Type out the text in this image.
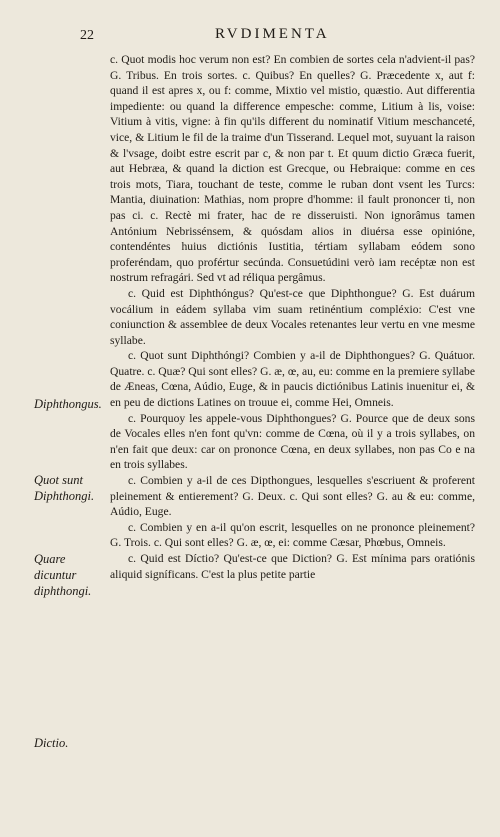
22	RVDIMENTA
Diphthongus.
Quot sunt Diphthongi.
Quare dicuntur diphthongi.
Dictio.

c. Quot modis hoc verum non est? En combien de sortes cela n'advient-il pas? G. Tribus. En trois sortes. c. Quibus? En quelles? G. Præcedente x, aut f: quand il est apres x, ou f: comme, Mixtio vel mistio, quæstio. Aut differentia impediente: ou quand la difference empesche: comme, Litium à lis, voise: Vitium à vitis, vigne: à fin qu'ils different du nominatif Vitium meschanceté, vice, & Litium le fil de la traime d'un Tisserand. Lequel mot, suyuant la raison & l'vsage, doibt estre escrit par c, & non par t. Et quum dictio Græca fuerit, aut Hebræa, & quand la diction est Grecque, ou Hebraique: comme en ces trois mots, Tiara, touchant de teste, comme le ruban dont vsent les Turcs: Mantia, diuination: Mathias, nom propre d'homme: il fault prononcer ti, non pas ci. c. Rectè mi frater, hac de re disseruisti. Non ignorâmus tamen Antónium Nebrissénsem, & quósdam alios in diuérsa esse opinióne, contendéntes huius dictiónis Iustitia, tértiam syllabam eódem sono proferéndam, quo profértur secúnda. Consuetúdini verò iam recéptæ non est nostrum refragári. Sed vt ad réliqua pergâmus.

c. Quid est Diphthóngus? Qu'est-ce que Diphthongue? G. Est duárum vocálium in eádem syllaba vim suam retinéntium compléxio: C'est vne coniunction & assemblee de deux Vocales retenantes leur vertu en vne mesme syllabe.

c. Quot sunt Diphthóngi? Combien y a-il de Diphthongues? G. Quátuor. Quatre. c. Quæ? Qui sont elles? G. æ, œ, au, eu: comme en la premiere syllabe de Æneas, Cœna, Aúdio, Euge, & in paucis dictiónibus Latinis inuenitur ei, & en peu de dictions Latines on trouue ei, comme Hei, Omneis.

c. Pourquoy les appele-vous Diphthongues? G. Pource que de deux sons de Vocales elles n'en font qu'vn: comme de Cœna, où il y a trois syllabes, on n'en fait que deux: car on prononce Cœna, en deux syllabes, non pas Co e na en trois syllabes.

c. Combien y a-il de ces Dipthongues, lesquelles s'escriuent & proferent pleinement & entierement? G. Deux. c. Qui sont elles? G. au & eu: comme, Aúdio, Euge.

c. Combien y en a-il qu'on escrit, lesquelles on ne prononce pleinement? G. Trois. c. Qui sont elles? G. æ, œ, ei: comme Cæsar, Phœbus, Omneis.

c. Quid est Díctio? Qu'est-ce que Diction? G. Est mínima pars oratiónis aliquid signíficans. C'est la plus petite partie
